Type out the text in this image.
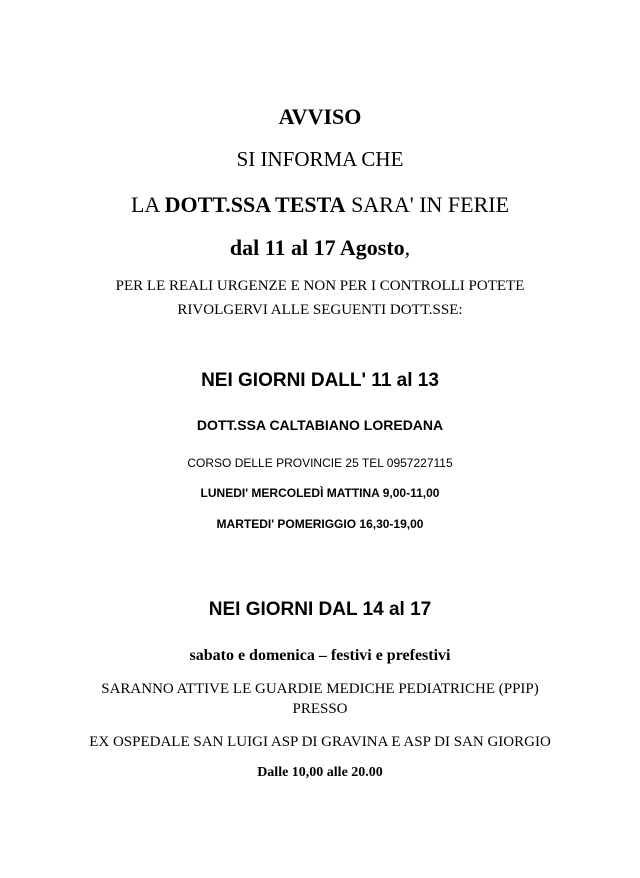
AVVISO
SI INFORMA CHE
LA DOTT.SSA TESTA SARA' IN FERIE
dal 11 al 17 Agosto,
PER LE REALI URGENZE E NON PER I CONTROLLI POTETE
RIVOLGERVI ALLE SEGUENTI DOTT.SSE:
NEI GIORNI DALL' 11 al 13
DOTT.SSA CALTABIANO LOREDANA
CORSO DELLE PROVINCIE 25 TEL 0957227115
LUNEDI' MERCOLEDÌ MATTINA 9,00-11,00
MARTEDI' POMERIGGIO 16,30-19,00
NEI GIORNI DAL 14 al 17
sabato e domenica – festivi e prefestivi
SARANNO ATTIVE LE GUARDIE MEDICHE PEDIATRICHE (PPIP)
PRESSO
EX OSPEDALE SAN LUIGI ASP DI GRAVINA E ASP DI SAN GIORGIO
Dalle 10,00 alle 20.00
